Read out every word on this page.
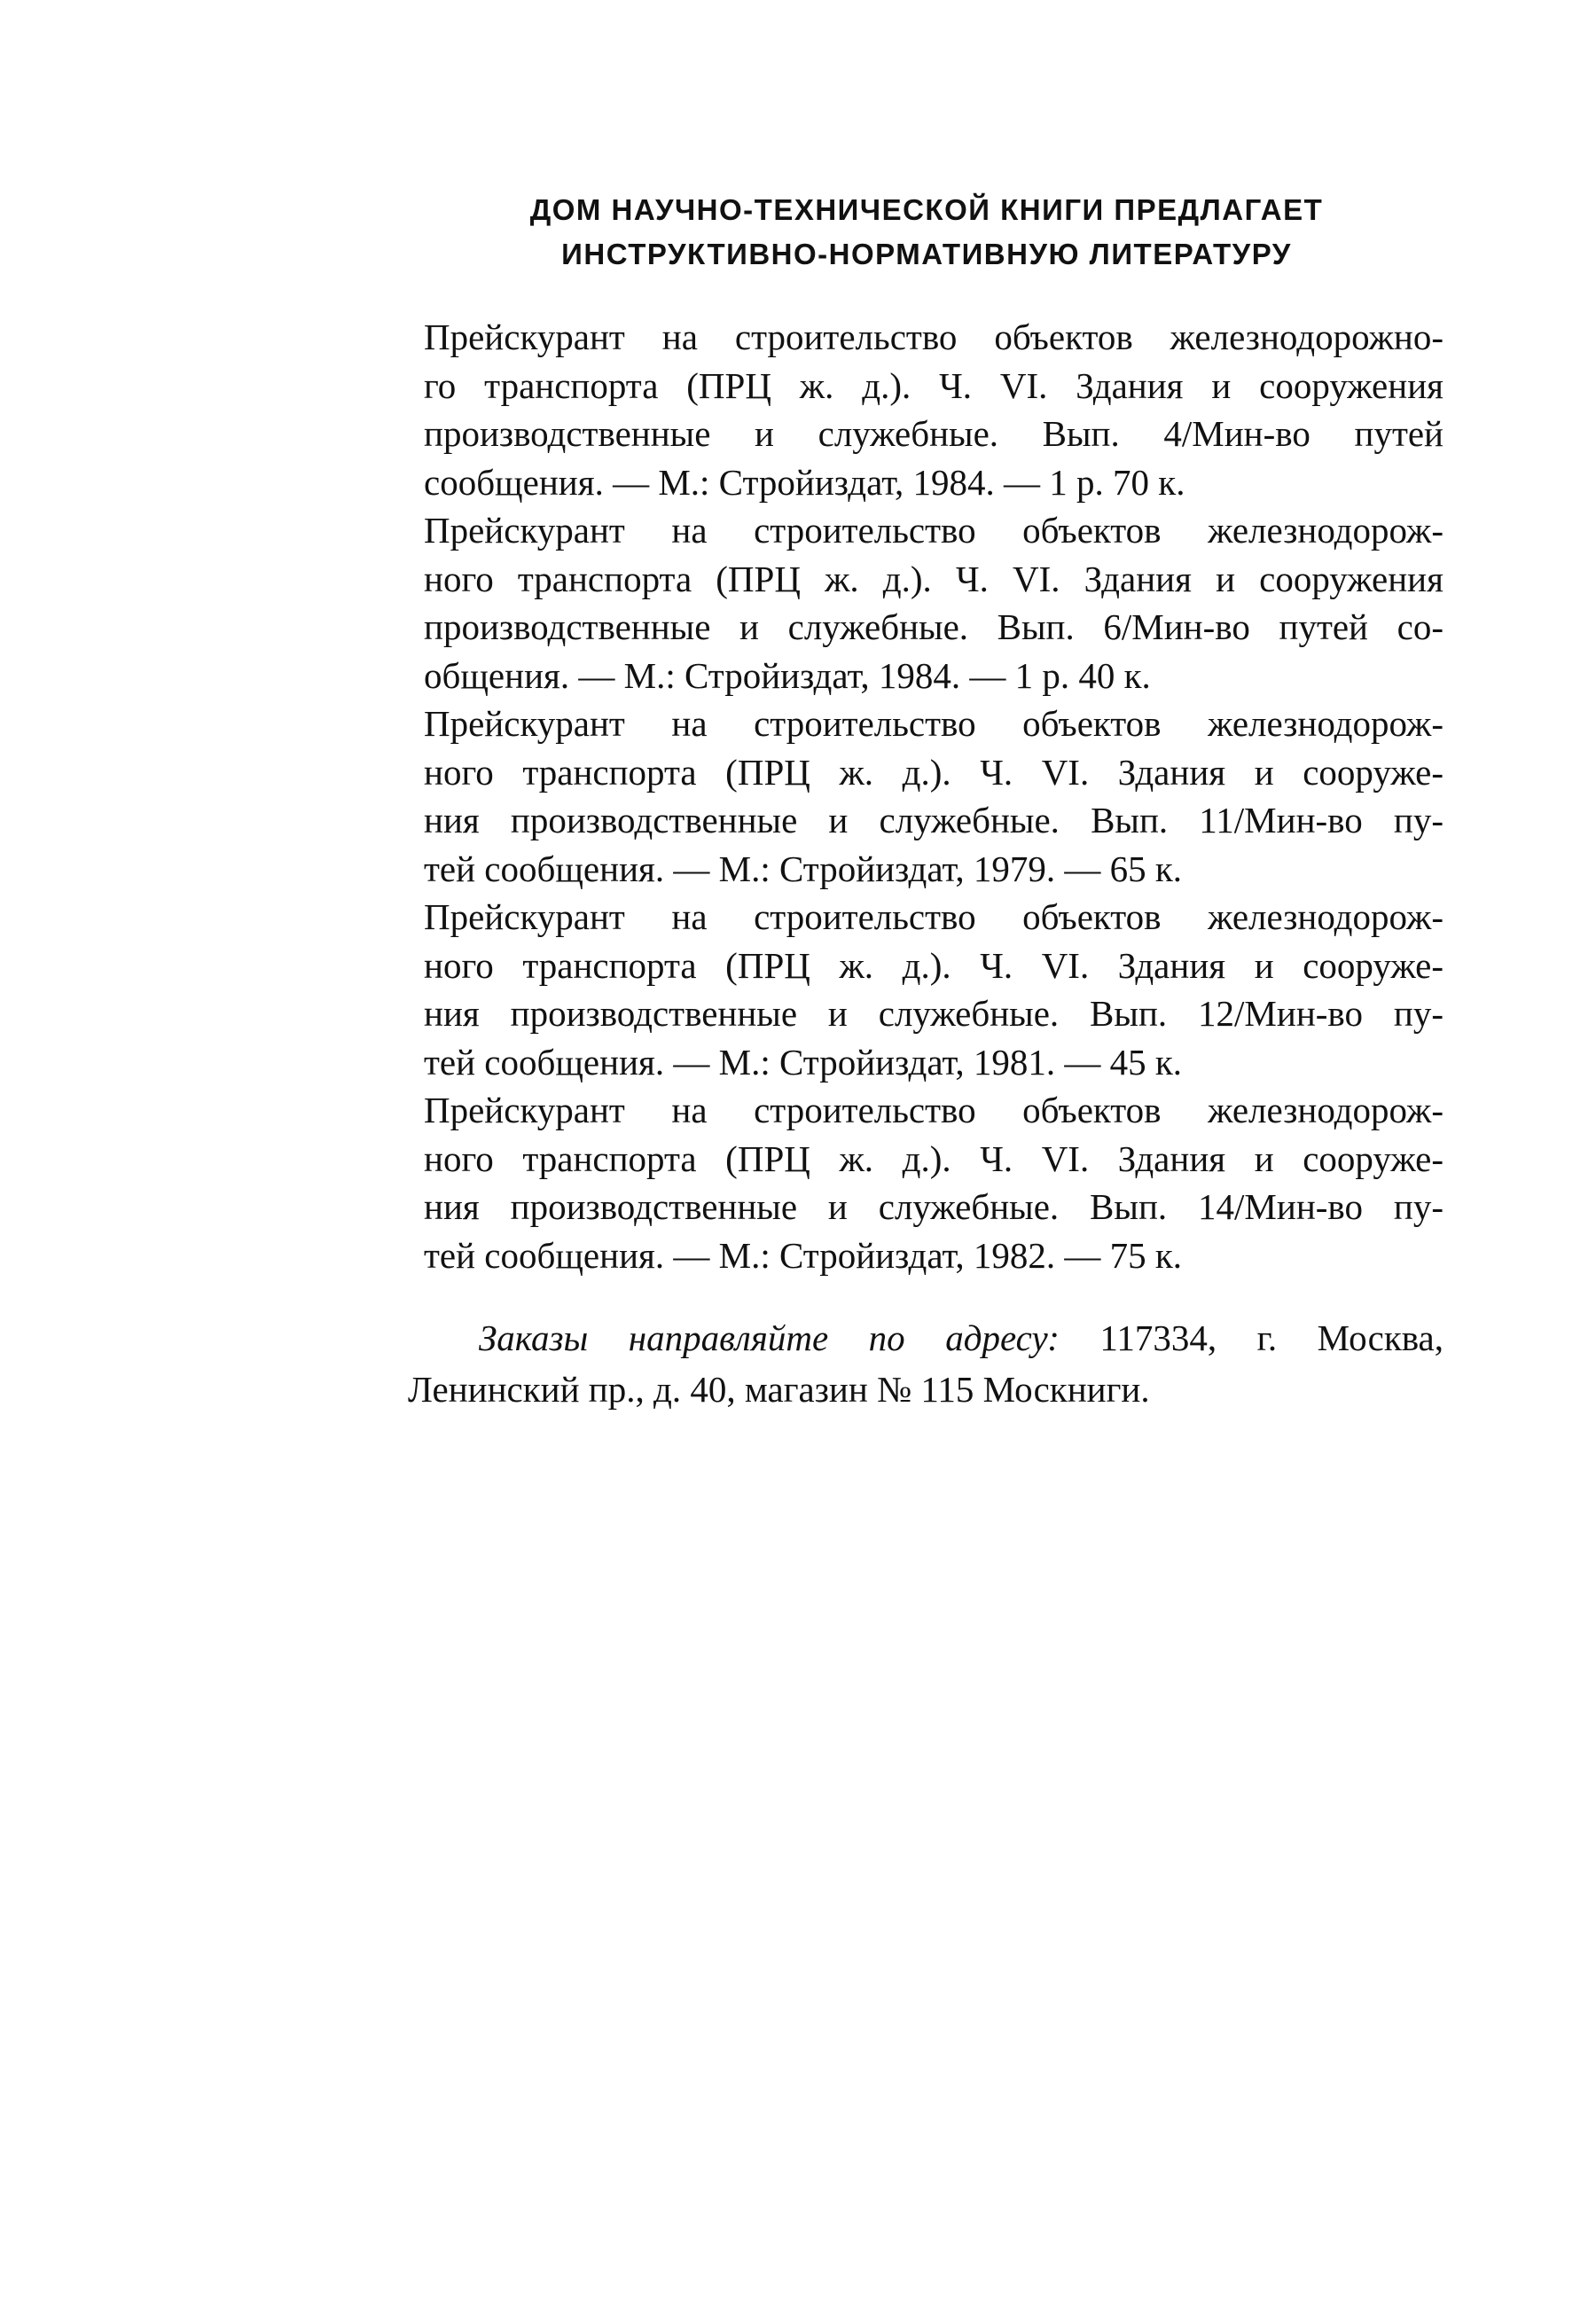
ДОМ НАУЧНО-ТЕХНИЧЕСКОЙ КНИГИ ПРЕДЛАГАЕТ
ИНСТРУКТИВНО-НОРМАТИВНУЮ ЛИТЕРАТУРУ
Прейскурант на строительство объектов железнодорожно-
го транспорта (ПРЦ ж. д.). Ч. VI. Здания и сооружения
производственные и служебные. Вып. 4/Мин-во путей
сообщения. — М.: Стройиздат, 1984. — 1 р. 70 к.
Прейскурант на строительство объектов железнодорож-
ного транспорта (ПРЦ ж. д.). Ч. VI. Здания и сооружения
производственные и служебные. Вып. 6/Мин-во путей со-
общения. — М.: Стройиздат, 1984. — 1 р. 40 к.
Прейскурант на строительство объектов железнодорож-
ного транспорта (ПРЦ ж. д.). Ч. VI. Здания и сооруже-
ния производственные и служебные. Вып. 11/Мин-во пу-
тей сообщения. — М.: Стройиздат, 1979. — 65 к.
Прейскурант на строительство объектов железнодорож-
ного транспорта (ПРЦ ж. д.). Ч. VI. Здания и сооруже-
ния производственные и служебные. Вып. 12/Мин-во пу-
тей сообщения. — М.: Стройиздат, 1981. — 45 к.
Прейскурант на строительство объектов железнодорож-
ного транспорта (ПРЦ ж. д.). Ч. VI. Здания и сооруже-
ния производственные и служебные. Вып. 14/Мин-во пу-
тей сообщения. — М.: Стройиздат, 1982. — 75 к.
Заказы направляйте по адресу: 117334, г. Москва,
Ленинский пр., д. 40, магазин № 115 Москниги.
